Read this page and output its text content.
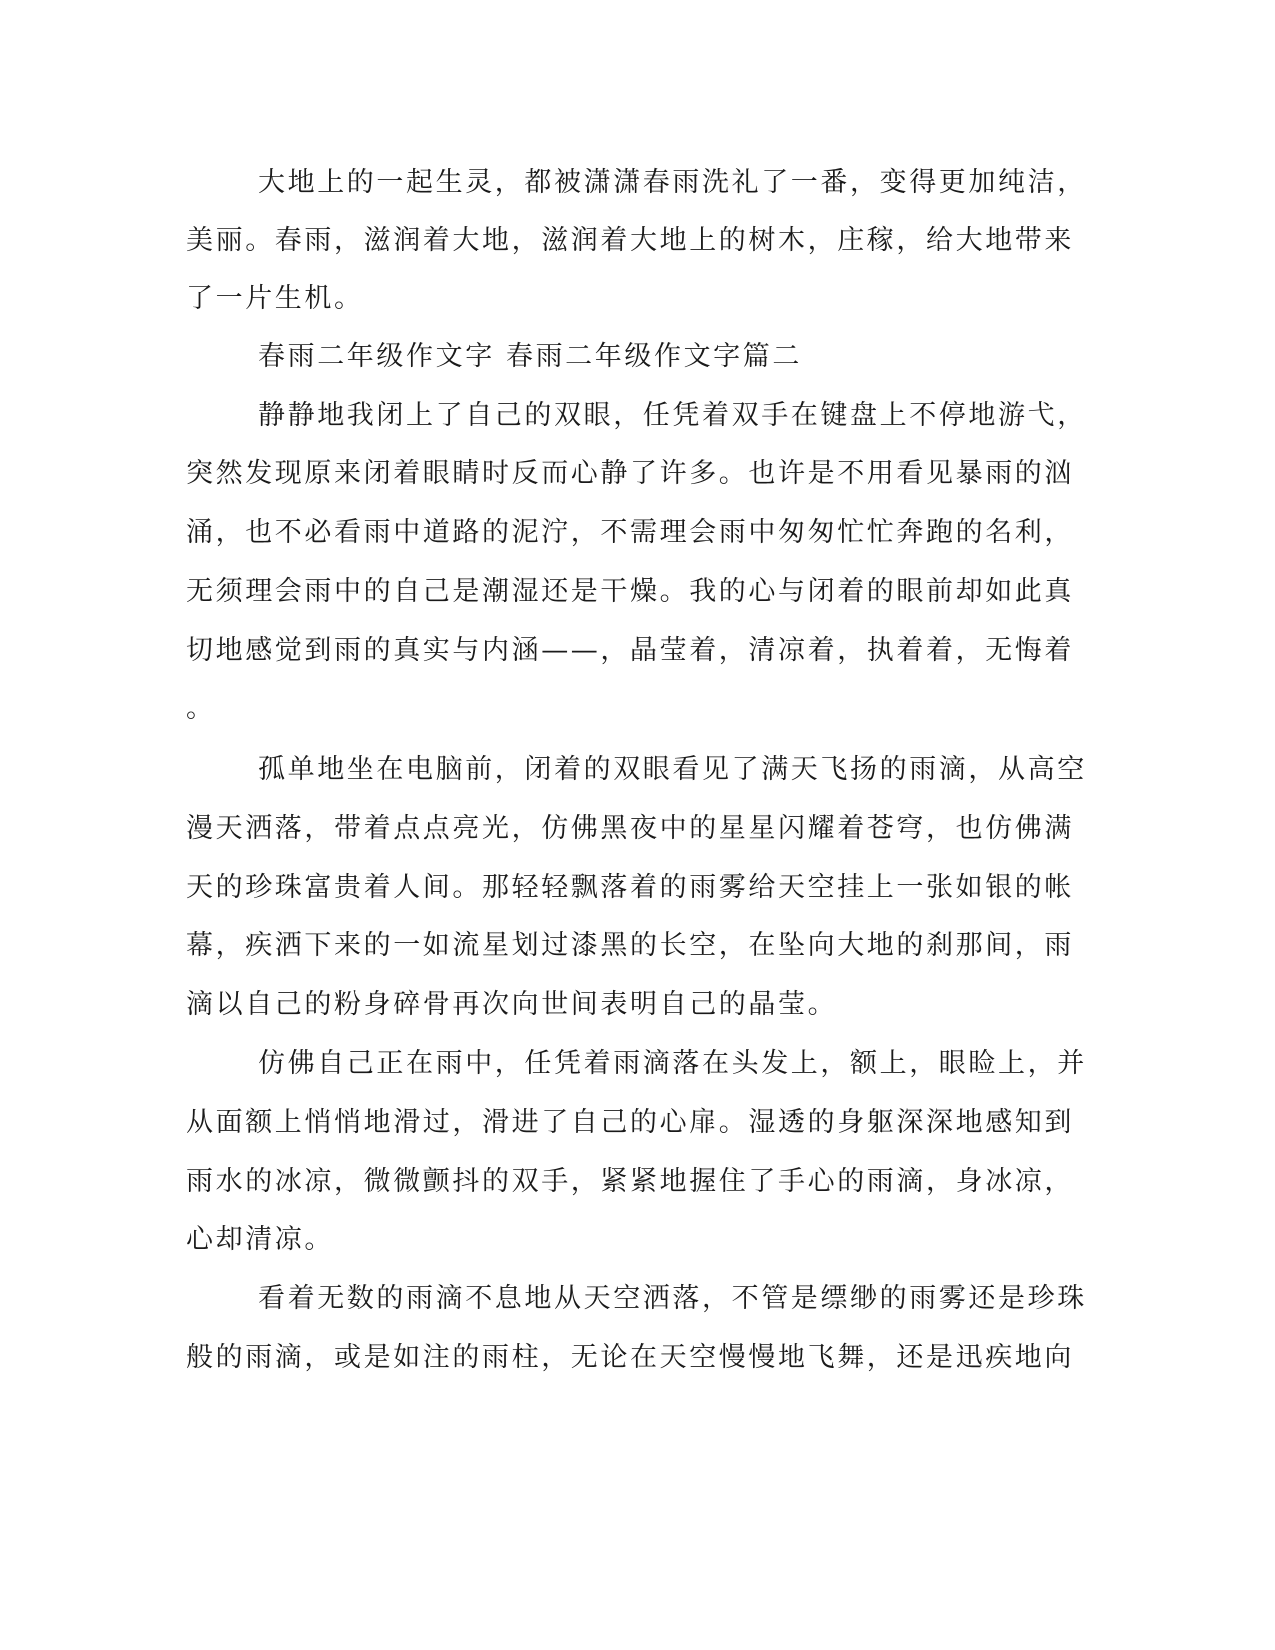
大地上的一起生灵，都被潇潇春雨洗礼了一番，变得更加纯洁，

美丽。春雨，滋润着大地，滋润着大地上的树木，庄稼，给大地带来

了一片生机。

春雨二年级作文字 春雨二年级作文字篇二

静静地我闭上了自己的双眼，任凭着双手在键盘上不停地游弋，

突然发现原来闭着眼睛时反而心静了许多。也许是不用看见暴雨的汹

涌，也不必看雨中道路的泥泞，不需理会雨中匆匆忙忙奔跑的名利，

无须理会雨中的自己是潮湿还是干燥。我的心与闭着的眼前却如此真

切地感觉到雨的真实与内涵——，晶莹着，清凉着，执着着，无悔着

。

孤单地坐在电脑前，闭着的双眼看见了满天飞扬的雨滴，从高空

漫天洒落，带着点点亮光，仿佛黑夜中的星星闪耀着苍穹，也仿佛满

天的珍珠富贵着人间。那轻轻飘落着的雨雾给天空挂上一张如银的帐

幕，疾洒下来的一如流星划过漆黑的长空，在坠向大地的刹那间，雨

滴以自己的粉身碎骨再次向世间表明自己的晶莹。

仿佛自己正在雨中，任凭着雨滴落在头发上，额上，眼睑上，并

从面额上悄悄地滑过，滑进了自己的心扉。湿透的身躯深深地感知到

雨水的冰凉，微微颤抖的双手，紧紧地握住了手心的雨滴，身冰凉，

心却清凉。

看着无数的雨滴不息地从天空洒落，不管是缥缈的雨雾还是珍珠

般的雨滴，或是如注的雨柱，无论在天空慢慢地飞舞，还是迅疾地向
